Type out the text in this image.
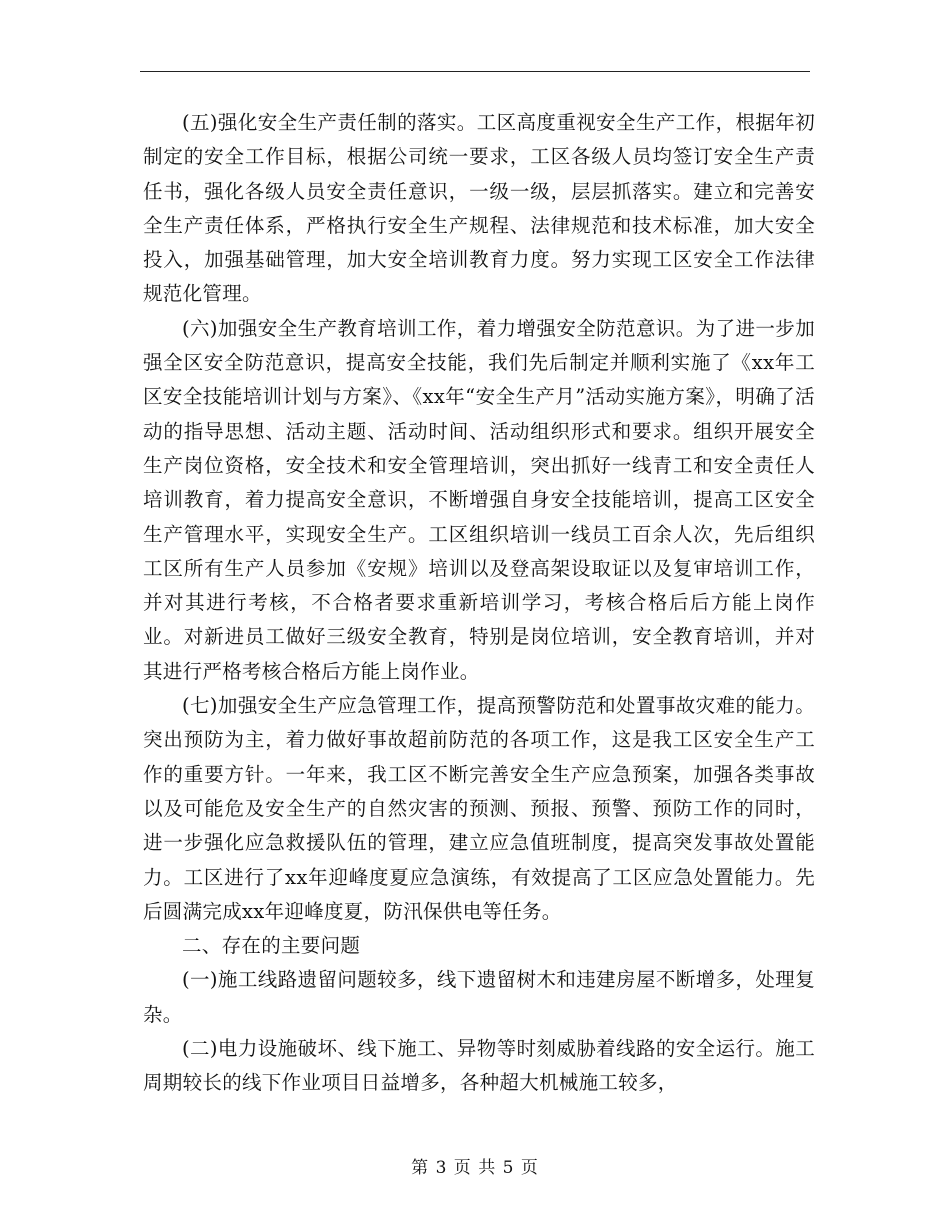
(五)强化安全生产责任制的落实。工区高度重视安全生产工作，根据年初制定的安全工作目标，根据公司统一要求，工区各级人员均签订安全生产责任书，强化各级人员安全责任意识，一级一级，层层抓落实。建立和完善安全生产责任体系，严格执行安全生产规程、法律规范和技术标准，加大安全投入，加强基础管理，加大安全培训教育力度。努力实现工区安全工作法律规范化管理。

(六)加强安全生产教育培训工作，着力增强安全防范意识。为了进一步加强全区安全防范意识，提高安全技能，我们先后制定并顺利实施了《xx年工区安全技能培训计划与方案》、《xx年“安全生产月”活动实施方案》，明确了活动的指导思想、活动主题、活动时间、活动组织形式和要求。组织开展安全生产岗位资格，安全技术和安全管理培训，突出抓好一线青工和安全责任人培训教育，着力提高安全意识，不断增强自身安全技能培训，提高工区安全生产管理水平，实现安全生产。工区组织培训一线员工百余人次，先后组织工区所有生产人员参加《安规》培训以及登高架设取证以及复审培训工作，并对其进行考核，不合格者要求重新培训学习，考核合格后后方能上岗作业。对新进员工做好三级安全教育，特别是岗位培训，安全教育培训，并对其进行严格考核合格后方能上岗作业。

(七)加强安全生产应急管理工作，提高预警防范和处置事故灾难的能力。突出预防为主，着力做好事故超前防范的各项工作，这是我工区安全生产工作的重要方针。一年来，我工区不断完善安全生产应急预案，加强各类事故以及可能危及安全生产的自然灾害的预测、预报、预警、预防工作的同时，进一步强化应急救援队伍的管理，建立应急值班制度，提高突发事故处置能力。工区进行了xx年迎峰度夏应急演练，有效提高了工区应急处置能力。先后圆满完成xx年迎峰度夏，防汛保供电等任务。

二、存在的主要问题

(一)施工线路遗留问题较多，线下遗留树木和违建房屋不断增多，处理复杂。

(二)电力设施破坏、线下施工、异物等时刻威胁着线路的安全运行。施工周期较长的线下作业项目日益增多，各种超大机械施工较多，

第 3 页 共 5 页
